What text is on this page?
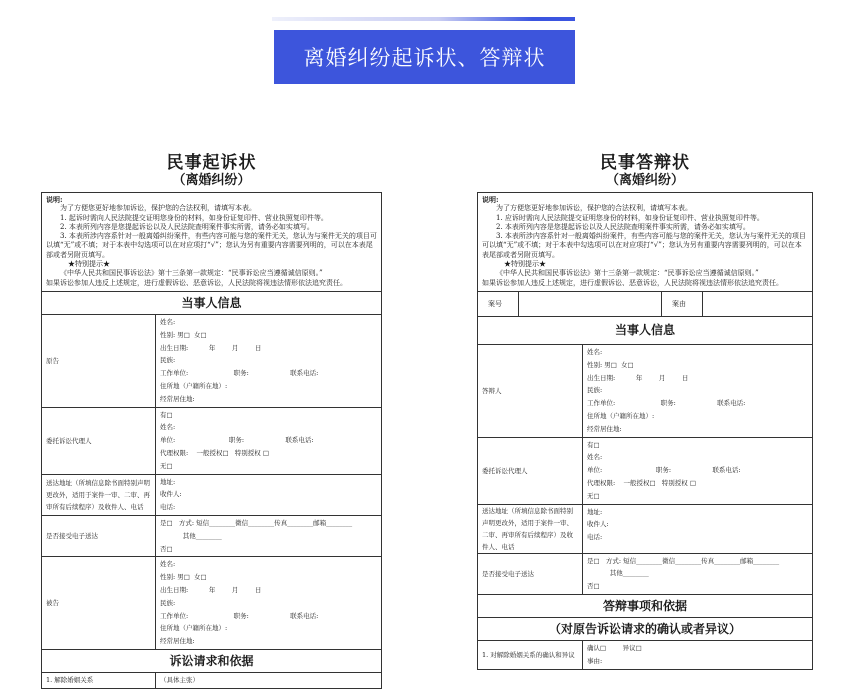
离婚纠纷起诉状、答辩状
民事起诉状
（离婚纠纷）
说明:
为了方便您更好地参加诉讼，保护您的合法权利，请填写本表。
1. 起诉时需向人民法院提交证明您身份的材料，如身份证复印件、营业执照复印件等。
2. 本表所列内容是您提起诉讼以及人民法院查明案件事实所需，请务必如实填写。
3. 本表所涉内容系针对一般离婚纠纷案件，有些内容可能与您的案件无关，您认为与案件无关的项目可以填“无”或不填；对于本表中勾选项可以在对应项打“√”；您认为另有重要内容需要列明的，可以在本表尾部或者另附页填写。
★特别提示★
《中华人民共和国民事诉讼法》第十三条第一款规定：“民事诉讼应当遵循诚信原则。”
如果诉讼参加人违反上述规定，进行虚假诉讼、恶意诉讼，人民法院将视违法情形依法追究责任。
当事人信息
原告
姓名:
性别: 男□  女□
出生日期:          年        月        日
民族:
工作单位:                      职务:                    联系电话:
住所地（户籍所在地）:
经常居住地:
委托诉讼代理人
有□
姓名:
单位:                          职务:                    联系电话:
代理权限:    一般授权□   特别授权 □
无□
送达地址（所填信息除书面特别声明更改外，适用于案件一审、二审、再审所有后续程序）及收件人、电话
地址:
收件人:
电话:
是否接受电子送达
是□   方式: 短信________微信________传真________邮箱________
其他________
否□
被告
姓名:
性别: 男□  女□
出生日期:          年        月        日
民族:
工作单位:                      职务:                    联系电话:
住所地（户籍所在地）:
经常居住地:
诉讼请求和依据
1. 解除婚姻关系	（具体主张）
民事答辩状
（离婚纠纷）
说明:
为了方便您更好地参加诉讼，保护您的合法权利，请填写本表。
1. 应诉时需向人民法院提交证明您身份的材料，如身份证复印件、营业执照复印件等。
2. 本表所列内容是您提起诉讼以及人民法院查明案件事实所需，请务必如实填写。
3. 本表所涉内容系针对一般离婚纠纷案件，有些内容可能与您的案件无关，您认为与案件无关的项目可以填“无”或不填；对于本表中勾选项可以在对应项打“√”；您认为另有重要内容需要列明的，可以在本表尾部或者另附页填写。
★特别提示★
《中华人民共和国民事诉讼法》第十三条第一款规定：“民事诉讼应当遵循诚信原则。”
如果诉讼参加人违反上述规定，进行虚假诉讼、恶意诉讼，人民法院将视违法情形依法追究责任。
案号	案由
当事人信息
答辩人
姓名:
性别: 男□  女□
出生日期:          年        月        日
民族:
工作单位:                      职务:                    联系电话:
住所地（户籍所在地）:
经常居住地:
委托诉讼代理人
有□
姓名:
单位:                          职务:                    联系电话:
代理权限:    一般授权□   特别授权 □
无□
送达地址（所填信息除书面特别声明更改外，适用于案件一审、二审、再审所有后续程序）及收件人、电话
地址:
收件人:
电话:
是否接受电子送达
是□   方式: 短信________微信________传真________邮箱________
其他________
否□
答辩事项和依据
（对原告诉讼请求的确认或者异议）
1. 对解除婚姻关系的确认和异议
确认□        异议□
事由:
